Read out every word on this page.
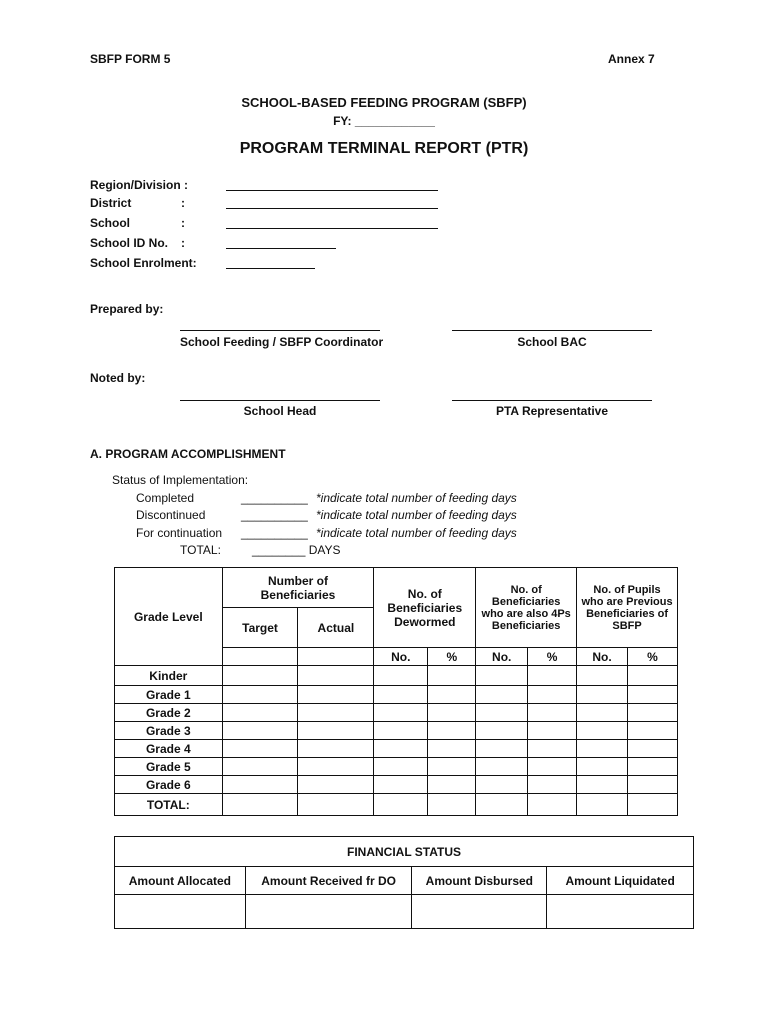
SBFP FORM 5	Annex 7
SCHOOL-BASED FEEDING PROGRAM (SBFP)
FY: ____________
PROGRAM TERMINAL REPORT (PTR)
Region/Division :
District	:
School	:
School ID No. :
School Enrolment:
Prepared by:
School Feeding / SBFP Coordinator	School BAC
Noted by:
School Head	PTA Representative
A. PROGRAM ACCOMPLISHMENT
Status of Implementation:
Completed	__________ *indicate total number of feeding days
Discontinued	__________ *indicate total number of feeding days
For continuation __________ *indicate total number of feeding days
TOTAL:	________ DAYS
Grade Level	Number of Beneficiaries		No. of Beneficiaries Dewormed		No. of Beneficiaries who are also 4Ps Beneficiaries		No. of Pupils who are Previous Beneficiaries of SBFP	
	Target	Actual						
			No.	%	No.	%	No.	%
Kinder								
Grade 1								
Grade 2								
Grade 3								
Grade 4								
Grade 5								
Grade 6								
TOTAL:								
FINANCIAL STATUS			
Amount Allocated	Amount Received fr DO	Amount Disbursed	Amount Liquidated
